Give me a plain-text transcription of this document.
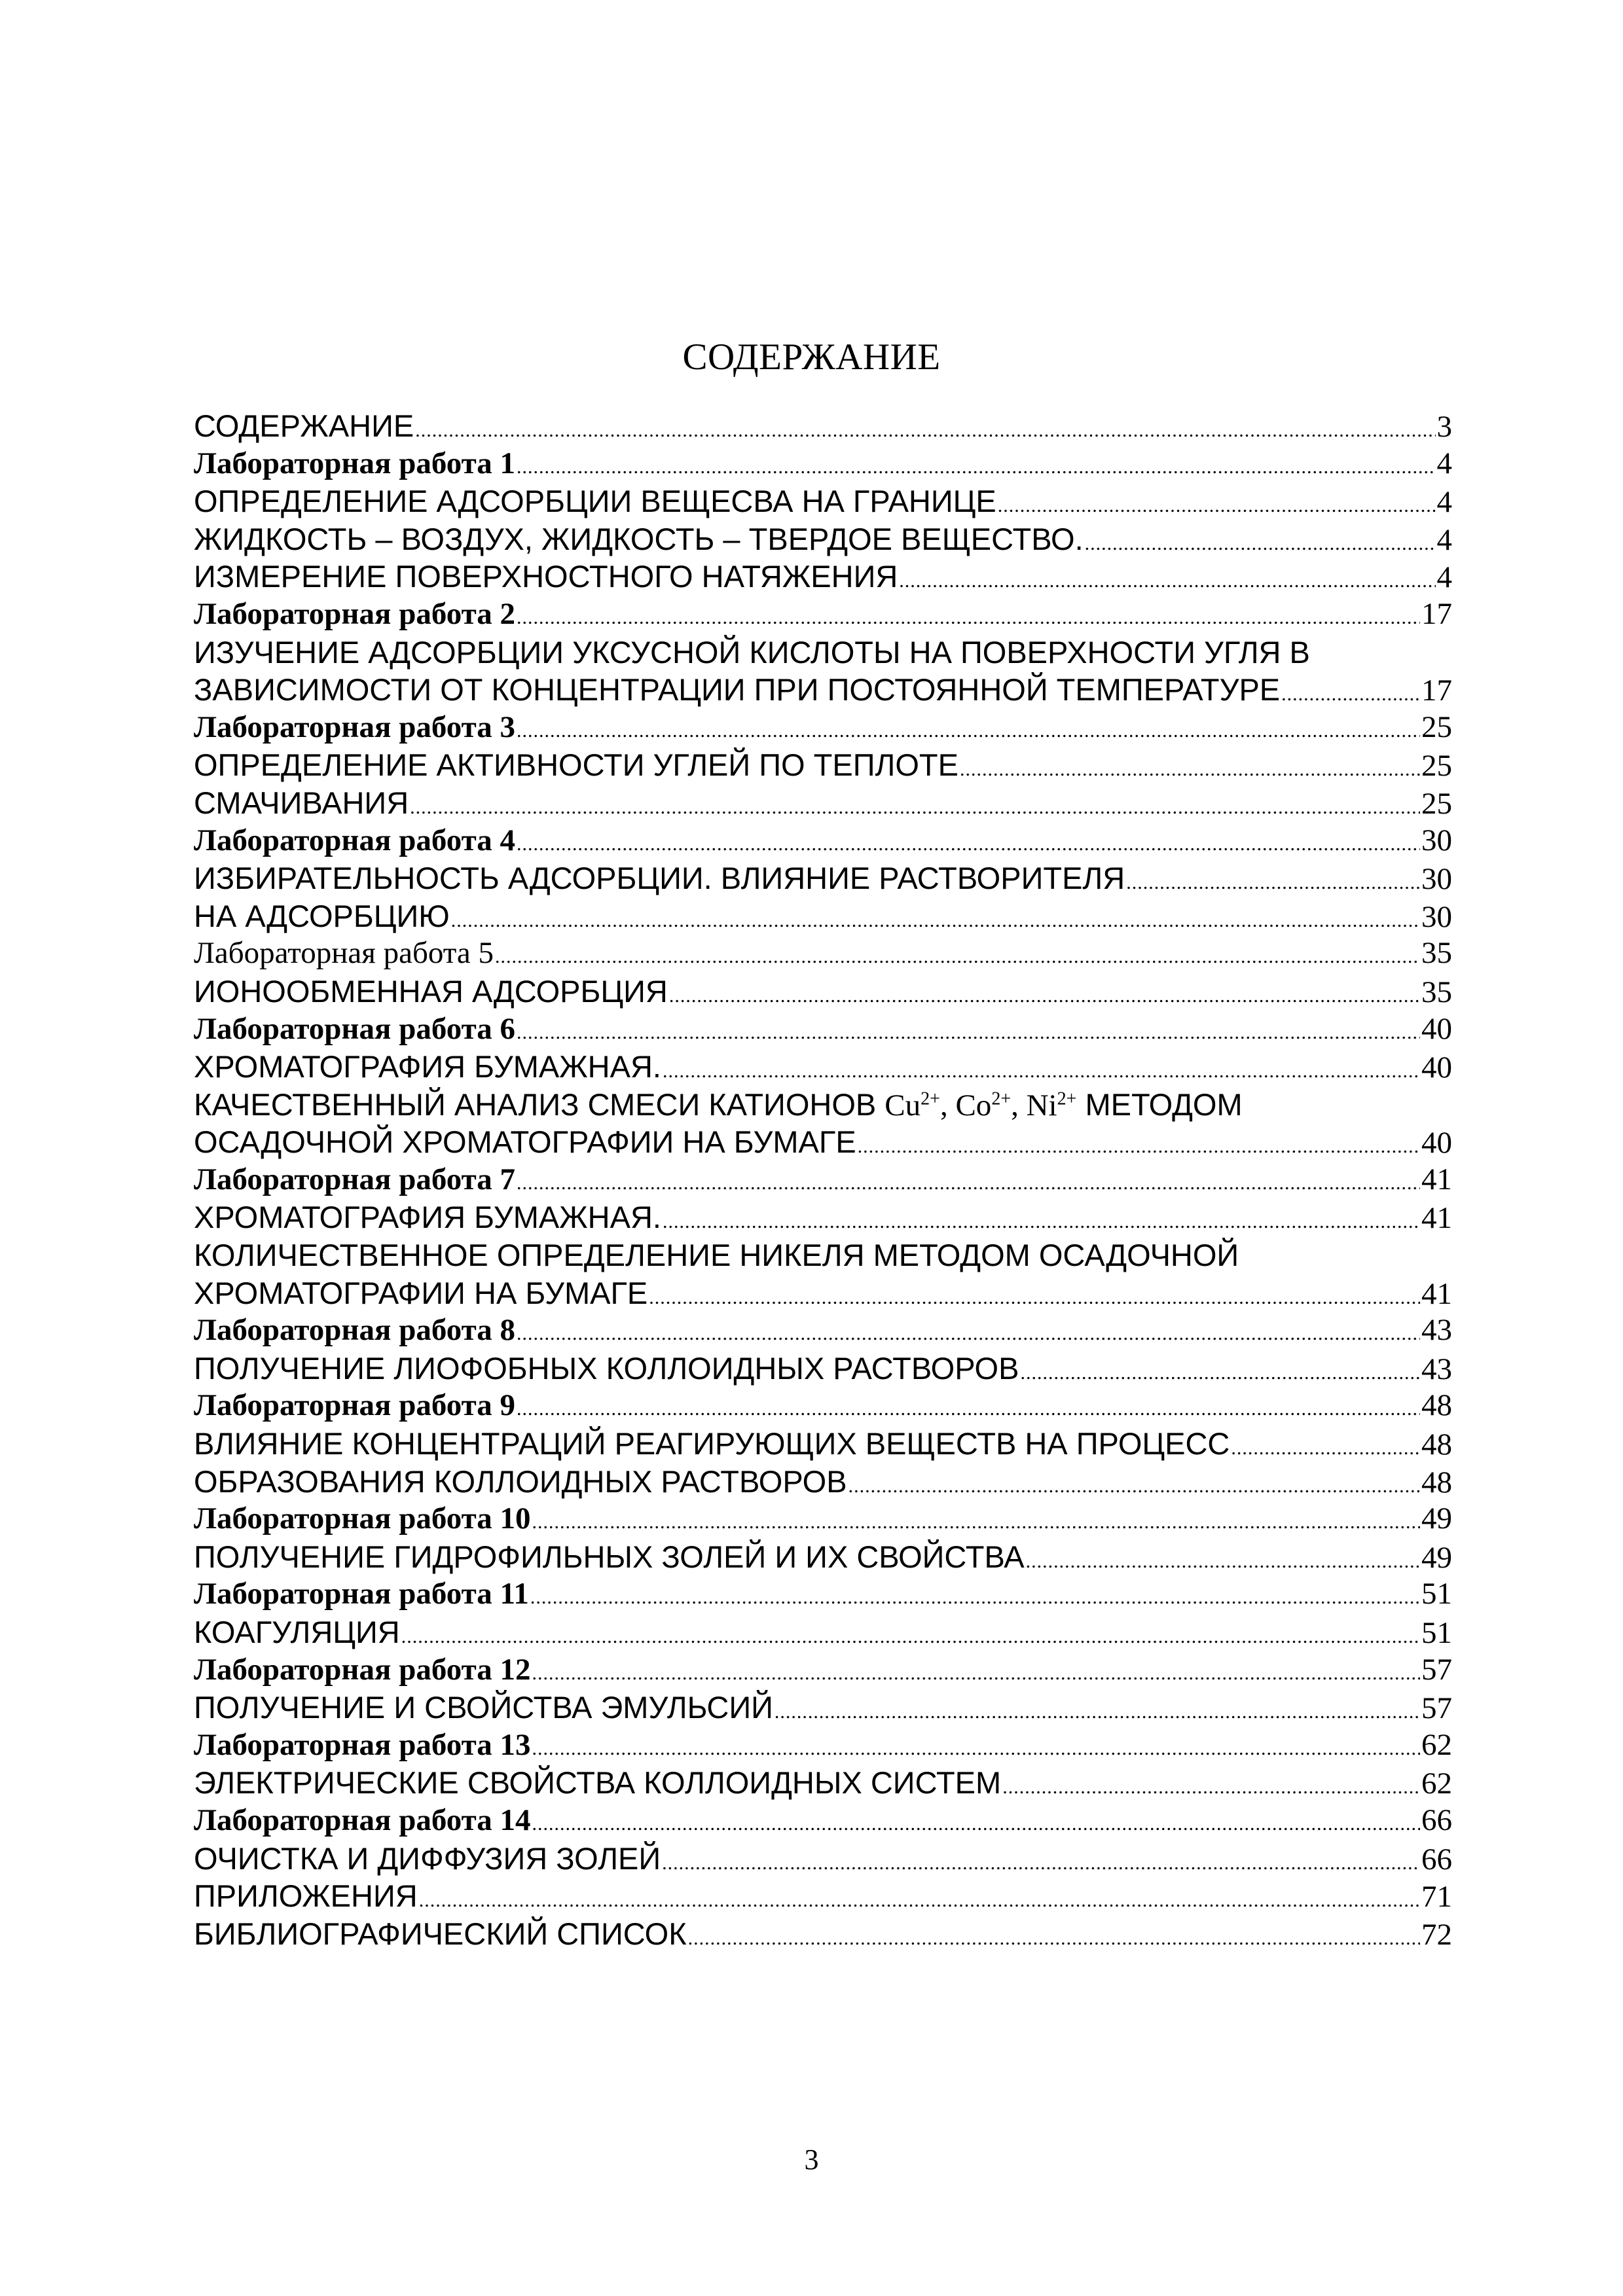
СОДЕРЖАНИЕ
СОДЕРЖАНИЕ .....	3
Лабораторная работа 1 .....	4
ОПРЕДЕЛЕНИЕ АДСОРБЦИИ ВЕЩЕСВА НА ГРАНИЦЕ .....	4
ЖИДКОСТЬ – ВОЗДУХ, ЖИДКОСТЬ – ТВЕРДОЕ ВЕЩЕСТВО. .....	4
ИЗМЕРЕНИЕ ПОВЕРХНОСТНОГО НАТЯЖЕНИЯ .....	4
Лабораторная работа 2 .....	17
ИЗУЧЕНИЕ АДСОРБЦИИ УКСУСНОЙ КИСЛОТЫ НА ПОВЕРХНОСТИ УГЛЯ В
ЗАВИСИМОСТИ ОТ КОНЦЕНТРАЦИИ ПРИ ПОСТОЯННОЙ ТЕМПЕРАТУРЕ .....	17
Лабораторная работа 3 .....	25
ОПРЕДЕЛЕНИЕ АКТИВНОСТИ УГЛЕЙ ПО ТЕПЛОТЕ .....	25
СМАЧИВАНИЯ .....	25
Лабораторная работа 4 .....	30
ИЗБИРАТЕЛЬНОСТЬ АДСОРБЦИИ. ВЛИЯНИЕ РАСТВОРИТЕЛЯ .....	30
НА АДСОРБЦИЮ .....	30
Лабораторная работа 5 .....	35
ИОНООБМЕННАЯ АДСОРБЦИЯ .....	35
Лабораторная работа 6 .....	40
ХРОМАТОГРАФИЯ БУМАЖНАЯ. .....	40
КАЧЕСТВЕННЫЙ АНАЛИЗ СМЕСИ КАТИОНОВ $Cu^{2+}$, $Co^{2+}$, $Ni^{2+}$ МЕТОДОМ
ОСАДОЧНОЙ ХРОМАТОГРАФИИ НА БУМАГЕ .....	40
Лабораторная работа 7 .....	41
ХРОМАТОГРАФИЯ БУМАЖНАЯ. .....	41
КОЛИЧЕСТВЕННОЕ ОПРЕДЕЛЕНИЕ НИКЕЛЯ МЕТОДОМ ОСАДОЧНОЙ
ХРОМАТОГРАФИИ НА БУМАГЕ .....	41
Лабораторная работа 8 .....	43
ПОЛУЧЕНИЕ ЛИОФОБНЫХ КОЛЛОИДНЫХ РАСТВОРОВ .....	43
Лабораторная работа 9 .....	48
ВЛИЯНИЕ КОНЦЕНТРАЦИЙ РЕАГИРУЮЩИХ ВЕЩЕСТВ НА ПРОЦЕСС .....	48
ОБРАЗОВАНИЯ КОЛЛОИДНЫХ РАСТВОРОВ .....	48
Лабораторная работа 10 .....	49
ПОЛУЧЕНИЕ ГИДРОФИЛЬНЫХ ЗОЛЕЙ И ИХ СВОЙСТВА .....	49
Лабораторная работа 11 .....	51
КОАГУЛЯЦИЯ .....	51
Лабораторная работа 12 .....	57
ПОЛУЧЕНИЕ И СВОЙСТВА ЭМУЛЬСИЙ .....	57
Лабораторная работа 13 .....	62
ЭЛЕКТРИЧЕСКИЕ СВОЙСТВА КОЛЛОИДНЫХ СИСТЕМ .....	62
Лабораторная работа 14 .....	66
ОЧИСТКА И ДИФФУЗИЯ ЗОЛЕЙ .....	66
ПРИЛОЖЕНИЯ .....	71
БИБЛИОГРАФИЧЕСКИЙ СПИСОК .....	72
3
